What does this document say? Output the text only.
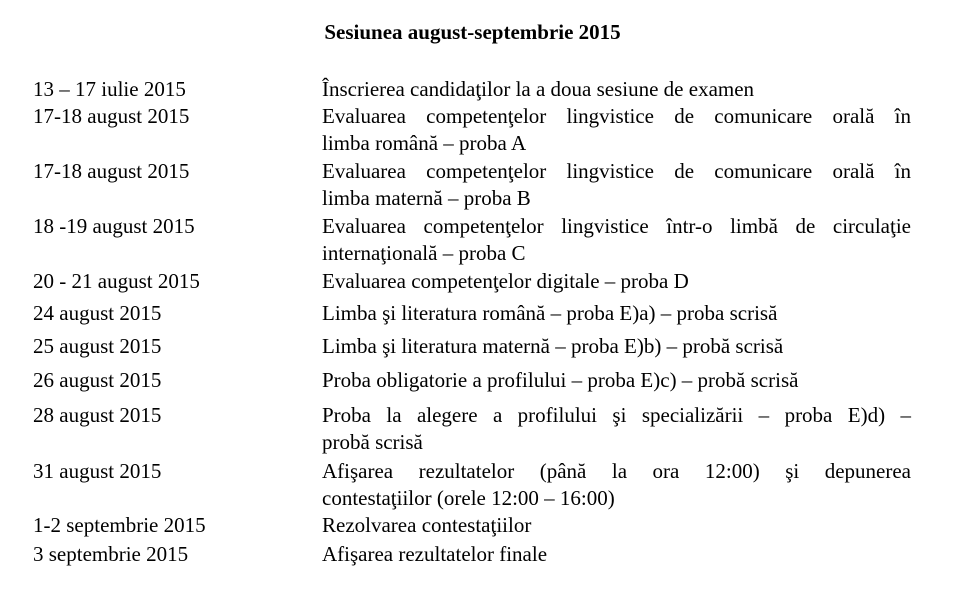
Sesiunea august-septembrie 2015
13 – 17 iulie 2015	Înscrierea candidaţilor la a doua sesiune de examen
17-18 august 2015	Evaluarea competenţelor lingvistice de comunicare orală în
limba română – proba A
17-18 august 2015	Evaluarea competenţelor lingvistice de comunicare orală în
limba maternă – proba B
18 -19 august 2015	Evaluarea competenţelor lingvistice într-o limbă de circulaţie
internaţională – proba C
20 - 21 august 2015	Evaluarea competenţelor digitale – proba D
24 august 2015	Limba şi literatura română – proba E)a) – proba scrisă
25 august 2015	Limba şi literatura maternă – proba E)b) – probă scrisă
26 august 2015	Proba obligatorie a profilului – proba E)c) – probă scrisă
28 august 2015	Proba la alegere a profilului şi specializării – proba E)d) –
probă scrisă
31 august 2015	Afişarea rezultatelor (până la ora 12:00) şi depunerea
contestaţiilor (orele 12:00 – 16:00)
1-2 septembrie 2015	Rezolvarea contestaţiilor
3 septembrie 2015	Afişarea rezultatelor finale
